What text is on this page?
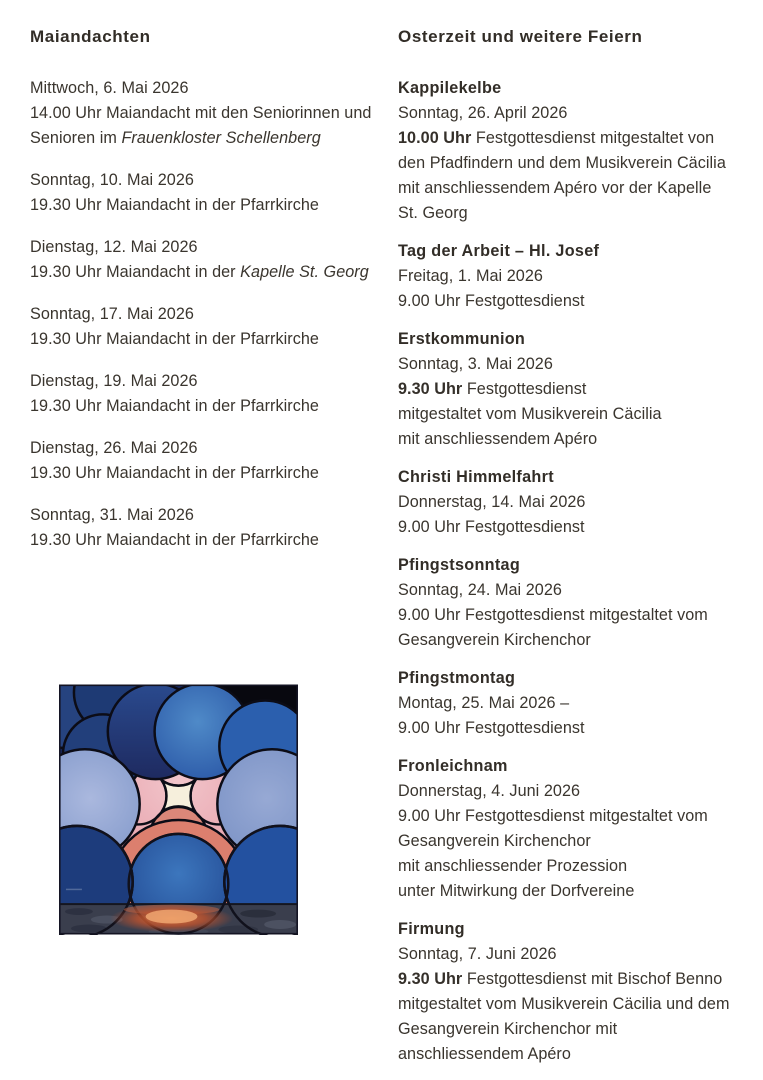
Maiandachten
Mittwoch, 6. Mai 2026
14.00 Uhr Maiandacht mit den Seniorinnen und
Senioren im Frauenkloster Schellenberg
Sonntag, 10. Mai 2026
19.30 Uhr Maiandacht in der Pfarrkirche
Dienstag, 12. Mai 2026
19.30 Uhr Maiandacht in der Kapelle St. Georg
Sonntag, 17. Mai 2026
19.30 Uhr Maiandacht in der Pfarrkirche
Dienstag, 19. Mai 2026
19.30 Uhr Maiandacht in der Pfarrkirche
Dienstag, 26. Mai 2026
19.30 Uhr Maiandacht in der Pfarrkirche
Sonntag, 31. Mai 2026
19.30 Uhr Maiandacht in der Pfarrkirche
Osterzeit und weitere Feiern
Kappilekelbe
Sonntag, 26. April 2026
10.00 Uhr Festgottesdienst mitgestaltet von
den Pfadfindern und dem Musikverein Cäcilia
mit anschliessendem Apéro vor der Kapelle
St. Georg
Tag der Arbeit – Hl. Josef
Freitag, 1. Mai 2026
9.00 Uhr Festgottesdienst
Erstkommunion
Sonntag, 3. Mai 2026
9.30 Uhr Festgottesdienst
mitgestaltet vom Musikverein Cäcilia
mit anschliessendem Apéro
Christi Himmelfahrt
Donnerstag, 14. Mai 2026
9.00 Uhr Festgottesdienst
Pfingstsonntag
Sonntag, 24. Mai 2026
9.00 Uhr Festgottesdienst mitgestaltet vom
Gesangverein Kirchenchor
Pfingstmontag
Montag, 25. Mai 2026 –
9.00 Uhr Festgottesdienst
Fronleichnam
Donnerstag, 4. Juni 2026
9.00 Uhr Festgottesdienst mitgestaltet vom
Gesangverein Kirchenchor
mit anschliessender Prozession
unter Mitwirkung der Dorfvereine
Firmung
Sonntag, 7. Juni 2026
9.30 Uhr Festgottesdienst mit Bischof Benno
mitgestaltet vom Musikverein Cäcilia und dem
Gesangverein Kirchenchor mit
anschliessendem Apéro
